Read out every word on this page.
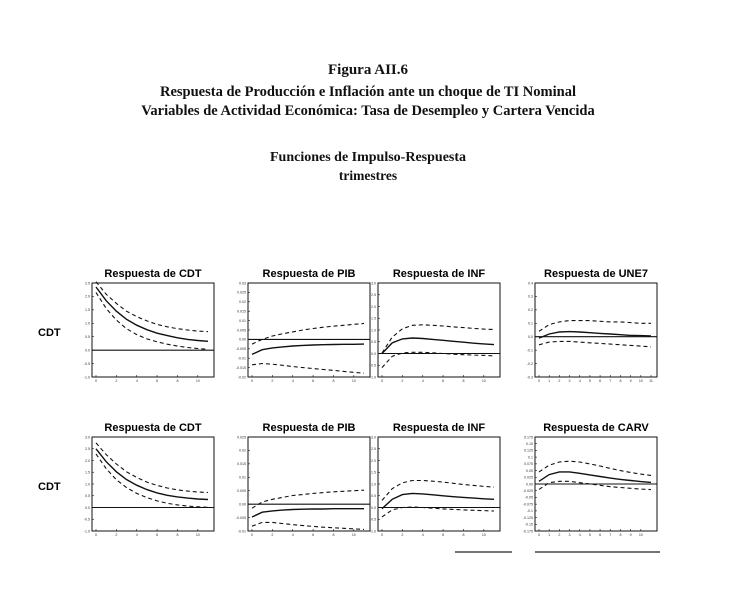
Figura AII.6
Respuesta de Producción e Inflación ante un choque de TI Nominal
Variables de Actividad Económica: Tasa de Desempleo y Cartera Vencida
Funciones de Impulso-Respuesta
trimestres
CDT
CDT
Respuesta de CDT
2.5
2.0
1.5
1.0
0.5
0.0
-0.5
-1.0
0	2	4	6	8	10
Respuesta de PIB
0.03
0.025
0.02
0.015
0.01
0.005
0.00
-0.005
-0.01
-0.015
-0.02
0	2	4	6	8	10
Respuesta de INF
3.0
2.5
2.0
1.5
1.0
0.5
0.0
-0.5
-1.0
0	2	4	6	8	10
Respuesta de UNE7
0.4
0.3
0.2
0.1
0.0
-0.1
-0.2
-0.3
0 1 2 3 4 5 6 7 8 9 10 11
Respuesta de CDT
3.0
2.5
2.0
1.5
1.0
0.5
0.0
-0.5
-1.0
0	2	4	6	8	10
Respuesta de PIB
0.025
0.02
0.015
0.01
0.005
0.00
-0.005
-0.01
0	2	4	6	8	10
Respuesta de INF
3.0
2.5
2.0
1.5
1.0
0.5
0.0
-0.5
-1.0
0	2	4	6	8	10
Respuesta de CARV
0.175
0.15
0.125
0.1
0.075
0.05
0.025
0.00
-0.025
-0.05
-0.075
-0.1
-0.125
-0.15
-0.175
0 1 2 3 4 5 6 7 8 9 10
